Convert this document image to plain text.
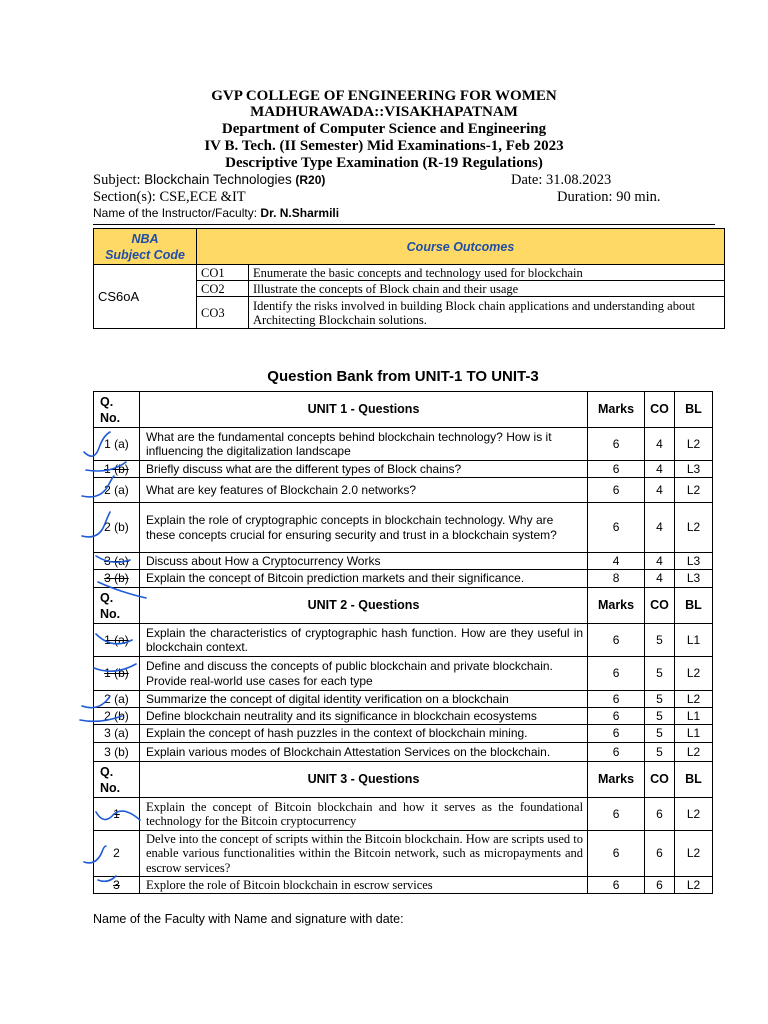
GVP COLLEGE OF ENGINEERING FOR WOMEN
MADHURAWADA::VISAKHAPATNAM
Department of Computer Science and Engineering
IV B. Tech. (II Semester) Mid Examinations-1, Feb 2023
Descriptive Type Examination (R-19 Regulations)
Subject: Blockchain Technologies (R20)	Date: 31.08.2023
Section(s): CSE,ECE &IT	Duration: 90 min.
Name of the Instructor/Faculty: Dr. N.Sharmili
NBA
Subject Code	Course Outcomes	
CS6oA	CO1	Enumerate the basic concepts and technology used for blockchain
	CO2	Illustrate the concepts of Block chain and their usage
	CO3	Identify the risks involved in building Block chain applications and understanding about Architecting Blockchain solutions.
Question Bank from UNIT-1 TO UNIT-3
Q.
No.	UNIT 1 - Questions	Marks	CO	BL
1 (a)	What are the fundamental concepts behind blockchain technology? How is it influencing the digitalization landscape	6	4	L2
1 (b)	Briefly discuss what are the different types of Block chains?	6	4	L3
2 (a)	What are key features of Blockchain 2.0 networks?	6	4	L2
2 (b)	Explain the role of cryptographic concepts in blockchain technology. Why are these concepts crucial for ensuring security and trust in a blockchain system?	6	4	L2
3 (a)	Discuss about How a Cryptocurrency Works	4	4	L3
3 (b)	Explain the concept of Bitcoin prediction markets and their significance.	8	4	L3

Q.
No.	UNIT 2 - Questions	Marks	CO	BL
1 (a)	Explain the characteristics of cryptographic hash function. How are they useful in blockchain context.	6	5	L1
1 (b)	Define and discuss the concepts of public blockchain and private blockchain. Provide real-world use cases for each type	6	5	L2
2 (a)	Summarize the concept of digital identity verification on a blockchain	6	5	L2
2 (b)	Define blockchain neutrality and its significance in blockchain ecosystems	6	5	L1
3 (a)	Explain the concept of hash puzzles in the context of blockchain mining.	6	5	L1
3 (b)	Explain various modes of Blockchain Attestation Services on the blockchain.	6	5	L2

Q.
No.	UNIT 3 - Questions	Marks	CO	BL
1	Explain the concept of Bitcoin blockchain and how it serves as the foundational technology for the Bitcoin cryptocurrency	6	6	L2
2	Delve into the concept of scripts within the Bitcoin blockchain. How are scripts used to enable various functionalities within the Bitcoin network, such as micropayments and escrow services?	6	6	L2
3	Explore the role of Bitcoin blockchain in escrow services	6	6	L2
Name of the Faculty with Name and signature with date:
